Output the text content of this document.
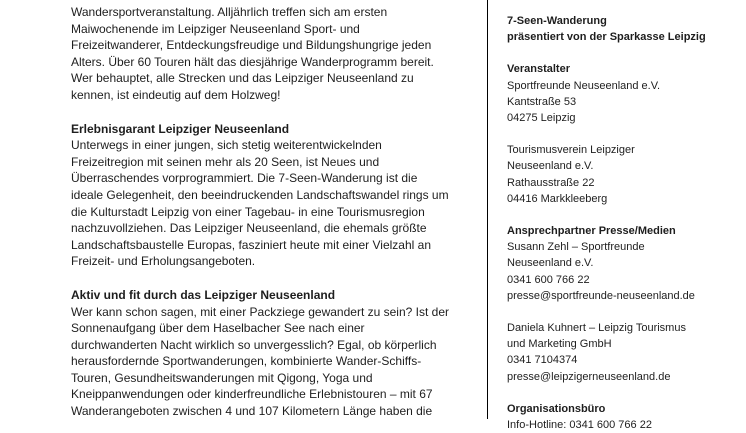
Wandersportveranstaltung. Alljährlich treffen sich am ersten
Maiwochenende im Leipziger Neuseenland Sport- und
Freizeitwanderer, Entdeckungsfreudige und Bildungshungrige jeden
Alters. Über 60 Touren hält das diesjährige Wanderprogramm bereit.
Wer behauptet, alle Strecken und das Leipziger Neuseenland zu
kennen, ist eindeutig auf dem Holzweg!

Erlebnisgarant Leipziger Neuseenland

Unterwegs in einer jungen, sich stetig weiterentwickelnden
Freizeitregion mit seinen mehr als 20 Seen, ist Neues und
Überraschendes vorprogrammiert. Die 7-Seen-Wanderung ist die
ideale Gelegenheit, den beeindruckenden Landschaftswandel rings um
die Kulturstadt Leipzig von einer Tagebau- in eine Tourismusregion
nachzuvollziehen. Das Leipziger Neuseenland, die ehemals größte
Landschaftsbaustelle Europas, fasziniert heute mit einer Vielzahl an
Freizeit- und Erholungsangeboten.

Aktiv und fit durch das Leipziger Neuseenland

Wer kann schon sagen, mit einer Packziege gewandert zu sein? Ist der
Sonnenaufgang über dem Haselbacher See nach einer
durchwanderten Nacht wirklich so unvergesslich? Egal, ob körperlich
herausfordernde Sportwanderungen, kombinierte Wander-Schiffs-
Touren, Gesundheitswanderungen mit Qigong, Yoga und
Kneippanwendungen oder kinderfreundliche Erlebnistouren – mit 67
Wanderangeboten zwischen 4 und 107 Kilometern Länge haben die

7-Seen-Wanderung
präsentiert von der Sparkasse Leipzig
Veranstalter
Sportfreunde Neuseenland e.V.
Kantstraße 53
04275 Leipzig
Tourismusverein Leipziger
Neuseenland e.V.
Rathausstraße 22
04416 Markkleeberg
Ansprechpartner Presse/Medien
Susann Zehl – Sportfreunde
Neuseenland e.V.
0341 600 766 22
presse@sportfreunde-neuseenland.de
Daniela Kuhnert – Leipzig Tourismus
und Marketing GmbH
0341 7104374
presse@leipzigerneuseenland.de
Organisationsbüro
Info-Hotline: 0341 600 766 22
